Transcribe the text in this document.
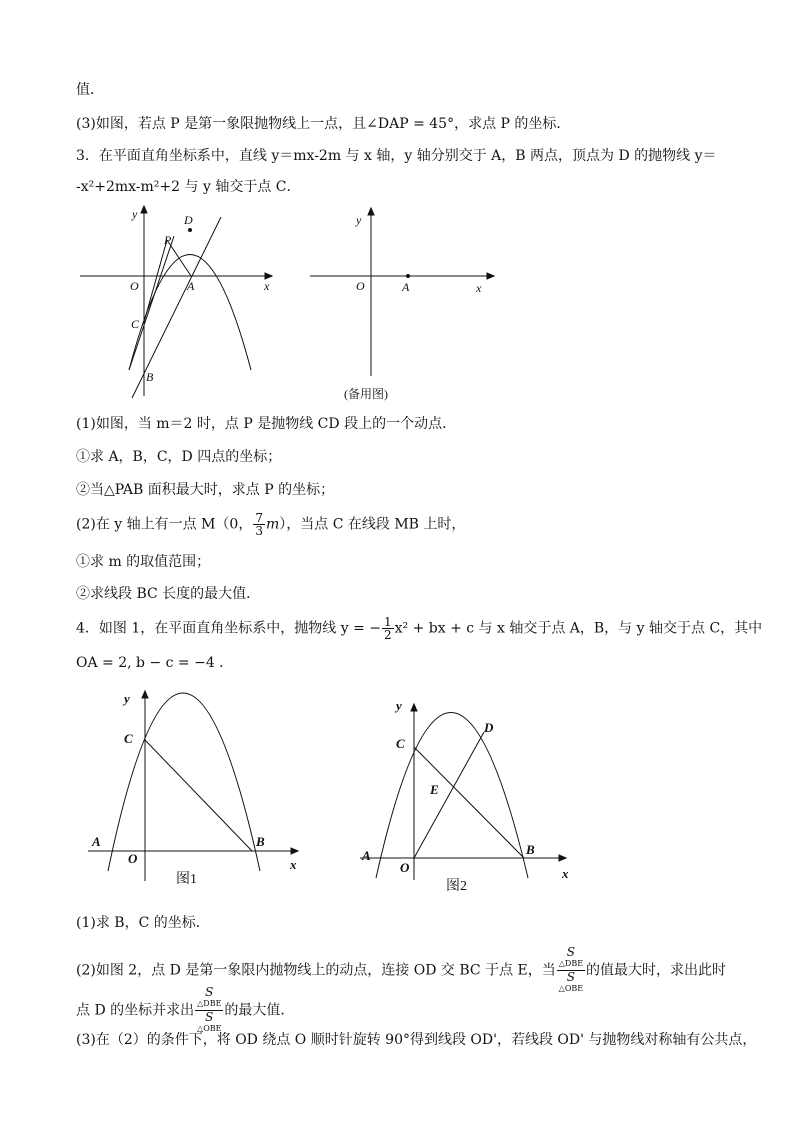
值．
(3)如图，若点 P 是第一象限抛物线上一点，且∠DAP = 45°，求点 P 的坐标．
3．在平面直角坐标系中，直线 y＝mx-2m 与 x 轴，y 轴分别交于 A，B 两点，顶点为 D 的抛物线 y＝
-x²+2mx-m²+2 与 y 轴交于点 C．
y
x
O	A
D
P
C
B
y
x
O	A
(备用图)
(1)如图，当 m＝2 时，点 P 是抛物线 CD 段上的一个动点．
①求 A，B，C，D 四点的坐标；
②当△PAB 面积最大时，求点 P 的坐标；
(2)在 y 轴上有一点 M（0， $\frac{7}{3} m$），当点 C 在线段 MB 上时，
①求 m 的取值范围；
②求线段 BC 长度的最大值．
4．如图 1，在平面直角坐标系中，抛物线 y = − $\frac{1}{2} x^2$ + bx + c 与 x 轴交于点 A，B，与 y 轴交于点 C，其中
OA = 2, b − c = −4 ．
y
x
O
A	B
C
图1
y
x
O
A	B
C
D
E
图2
(1)求 B，C 的坐标．
(2)如图 2，点 D 是第一象限内抛物线上的动点，连接 OD 交 BC 于点 E，当 S
△DBE
S
△OBE 的值最大时，求出此时
点 D 的坐标并求出 S
△DBE
S
△OBE 的最大值．
(3)在（2）的条件下，将 OD 绕点 O 顺时针旋转 90°得到线段 OD'，若线段 OD' 与抛物线对称轴有公共点，
